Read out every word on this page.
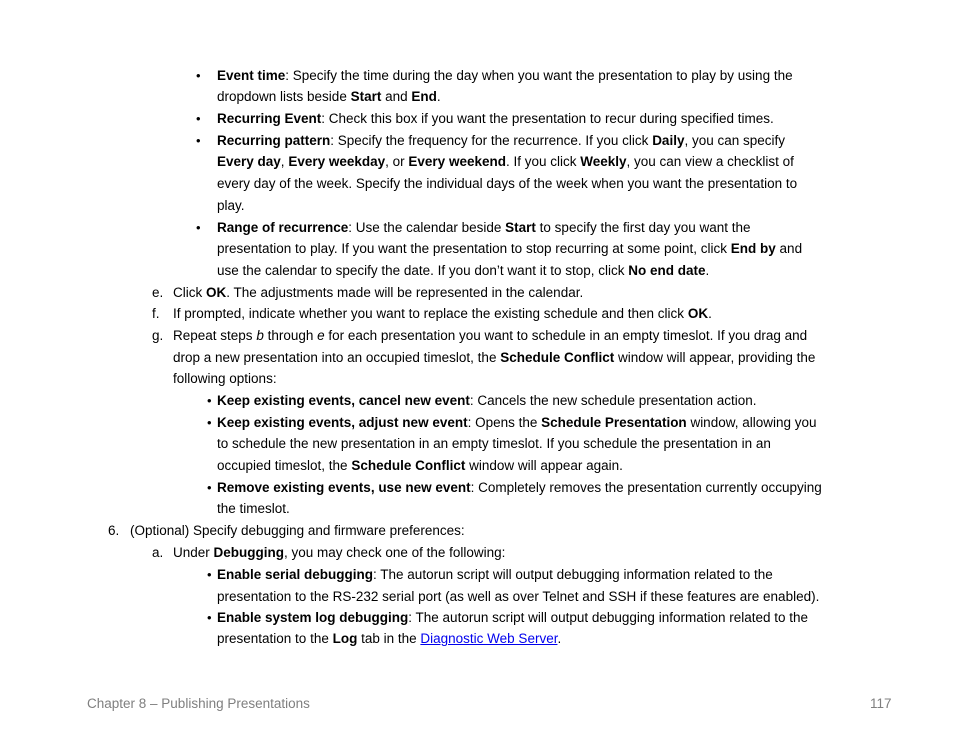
• Event time: Specify the time during the day when you want the presentation to play by using the
dropdown lists beside Start and End.
• Recurring Event: Check this box if you want the presentation to recur during specified times.
• Recurring pattern: Specify the frequency for the recurrence. If you click Daily, you can specify
Every day, Every weekday, or Every weekend. If you click Weekly, you can view a checklist of
every day of the week. Specify the individual days of the week when you want the presentation to
play.
• Range of recurrence: Use the calendar beside Start to specify the first day you want the
presentation to play. If you want the presentation to stop recurring at some point, click End by and
use the calendar to specify the date. If you don’t want it to stop, click No end date.
e. Click OK. The adjustments made will be represented in the calendar.
f. If prompted, indicate whether you want to replace the existing schedule and then click OK.
g. Repeat steps b through e for each presentation you want to schedule in an empty timeslot. If you drag and
drop a new presentation into an occupied timeslot, the Schedule Conflict window will appear, providing the
following options:
• Keep existing events, cancel new event: Cancels the new schedule presentation action.
• Keep existing events, adjust new event: Opens the Schedule Presentation window, allowing you
to schedule the new presentation in an empty timeslot. If you schedule the presentation in an
occupied timeslot, the Schedule Conflict window will appear again.
• Remove existing events, use new event: Completely removes the presentation currently occupying
the timeslot.
6. (Optional) Specify debugging and firmware preferences:
a. Under Debugging, you may check one of the following:
• Enable serial debugging: The autorun script will output debugging information related to the
presentation to the RS-232 serial port (as well as over Telnet and SSH if these features are enabled).
• Enable system log debugging: The autorun script will output debugging information related to the
presentation to the Log tab in the Diagnostic Web Server.
Chapter 8 – Publishing Presentations	117
